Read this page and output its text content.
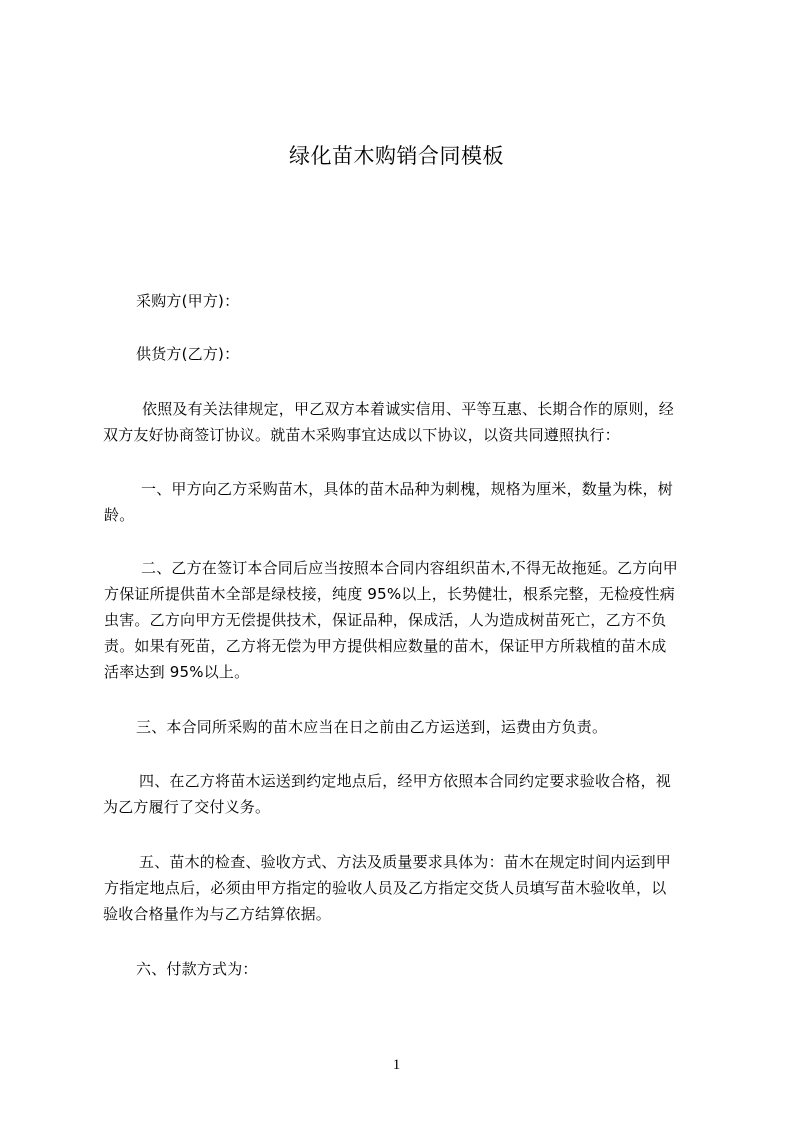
绿化苗木购销合同模板
采购方(甲方)：
供货方(乙方)：
依照及有关法律规定，甲乙双方本着诚实信用、平等互惠、长期合作的原则，经
双方友好协商签订协议。就苗木采购事宜达成以下协议，以资共同遵照执行：
一、甲方向乙方采购苗木，具体的苗木品种为刺槐，规格为厘米，数量为株，树
龄。
二、乙方在签订本合同后应当按照本合同内容组织苗木,不得无故拖延。乙方向甲
方保证所提供苗木全部是绿枝接，纯度 95%以上，长势健壮，根系完整，无检疫性病
虫害。乙方向甲方无偿提供技术，保证品种，保成活，人为造成树苗死亡，乙方不负
责。如果有死苗，乙方将无偿为甲方提供相应数量的苗木，保证甲方所栽植的苗木成
活率达到 95%以上。
三、本合同所采购的苗木应当在日之前由乙方运送到，运费由方负责。
四、在乙方将苗木运送到约定地点后，经甲方依照本合同约定要求验收合格，视
为乙方履行了交付义务。
五、苗木的检查、验收方式、方法及质量要求具体为：苗木在规定时间内运到甲
方指定地点后，必须由甲方指定的验收人员及乙方指定交货人员填写苗木验收单，以
验收合格量作为与乙方结算依据。
六、付款方式为：
1
